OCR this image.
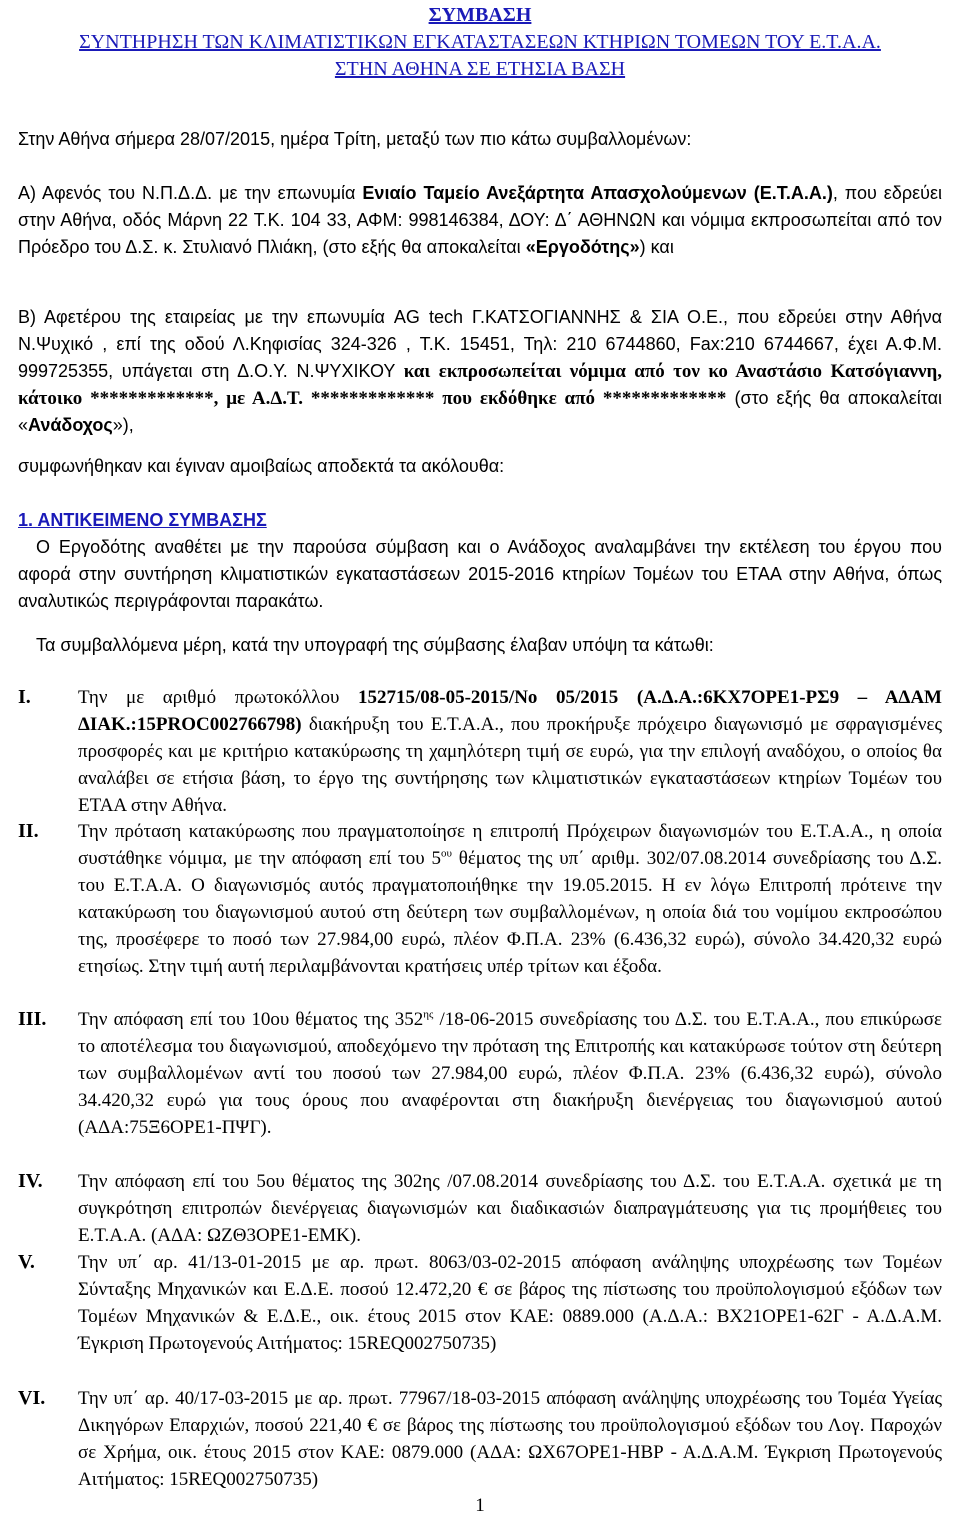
ΣΥΜΒΑΣΗ
ΣΥΝΤΗΡΗΣΗ ΤΩΝ ΚΛΙΜΑΤΙΣΤΙΚΩΝ ΕΓΚΑΤΑΣΤΑΣΕΩΝ ΚΤΗΡΙΩΝ ΤΟΜΕΩΝ ΤΟΥ Ε.Τ.Α.Α.
ΣΤΗΝ ΑΘΗΝΑ ΣΕ ΕΤΗΣΙΑ ΒΑΣΗ
Στην Αθήνα σήμερα 28/07/2015, ημέρα Τρίτη, μεταξύ των πιο κάτω συμβαλλομένων:
Α) Αφενός του Ν.Π.Δ.Δ. με την επωνυμία Ενιαίο Ταμείο Ανεξάρτητα Απασχολούμενων (Ε.Τ.Α.Α.), που εδρεύει στην Αθήνα, οδός Μάρνη 22 Τ.Κ. 104 33, ΑΦΜ: 998146384, ΔΟΥ: Δ΄ ΑΘΗΝΩΝ και νόμιμα εκπροσωπείται από τον Πρόεδρο του Δ.Σ. κ. Στυλιανό Πλιάκη, (στο εξής θα αποκαλείται «Εργοδότης») και
Β) Αφετέρου της εταιρείας με την επωνυμία AG tech Γ.ΚΑΤΣΟΓΙΑΝΝΗΣ & ΣΙΑ Ο.Ε., που εδρεύει στην Αθήνα Ν.Ψυχικό , επί της οδού Λ.Κηφισίας 324-326 , Τ.Κ. 15451, Τηλ: 210 6744860, Fax:210 6744667, έχει Α.Φ.Μ. 999725355, υπάγεται στη Δ.Ο.Υ. Ν.ΨΥΧΙΚΟΥ και εκπροσωπείται νόμιμα από τον κο Αναστάσιο Κατσόγιαννη, κάτοικο *************, με Α.Δ.Τ. ************* που εκδόθηκε από ************* (στο εξής θα αποκαλείται «Ανάδοχος»),
συμφωνήθηκαν και έγιναν αμοιβαίως αποδεκτά τα ακόλουθα:
1. ΑΝΤΙΚΕΙΜΕΝΟ ΣΥΜΒΑΣΗΣ
Ο Εργοδότης αναθέτει με την παρούσα σύμβαση και ο Ανάδοχος αναλαμβάνει την εκτέλεση του έργου που αφορά στην συντήρηση κλιματιστικών εγκαταστάσεων 2015-2016 κτηρίων Τομέων του ΕΤΑΑ στην Αθήνα, όπως αναλυτικώς περιγράφονται παρακάτω.
Τα συμβαλλόμενα μέρη, κατά την υπογραφή της σύμβασης έλαβαν υπόψη τα κάτωθι:
I.	Την με αριθμό πρωτοκόλλου 152715/08-05-2015/Νο 05/2015 (Α.Δ.Α.:6ΚΧ7ΟΡΕ1-ΡΣ9 – ΑΔΑΜ ΔΙΑΚ.:15PROC002766798) διακήρυξη του Ε.Τ.Α.Α., που προκήρυξε πρόχειρο διαγωνισμό με σφραγισμένες προσφορές και με κριτήριο κατακύρωσης τη χαμηλότερη τιμή σε ευρώ, για την επιλογή αναδόχου, ο οποίος θα αναλάβει σε ετήσια βάση, το έργο της συντήρησης των κλιματιστικών εγκαταστάσεων κτηρίων Τομέων του ΕΤΑΑ στην Αθήνα.
II.	Την πρόταση κατακύρωσης που πραγματοποίησε η επιτροπή Πρόχειρων διαγωνισμών του Ε.Τ.Α.Α., η οποία συστάθηκε νόμιμα, με την απόφαση επί του $5^{o\upsilon}$ θέματος της υπ΄ αριθμ. 302/07.08.2014 συνεδρίασης του Δ.Σ. του Ε.Τ.Α.Α. Ο διαγωνισμός αυτός πραγματοποιήθηκε την 19.05.2015. Η εν λόγω Επιτροπή πρότεινε την κατακύρωση του διαγωνισμού αυτού στη δεύτερη των συμβαλλομένων, η οποία διά του νομίμου εκπροσώπου της, προσέφερε το ποσό των 27.984,00 ευρώ, πλέον Φ.Π.Α. 23% (6.436,32 ευρώ), σύνολο 34.420,32 ευρώ ετησίως. Στην τιμή αυτή περιλαμβάνονται κρατήσεις υπέρ τρίτων και έξοδα.
III.	Την απόφαση επί του 10ου θέματος της $352^{\eta\varsigma}$ /18-06-2015 συνεδρίασης του Δ.Σ. του Ε.Τ.Α.Α., που επικύρωσε το αποτέλεσμα του διαγωνισμού, αποδεχόμενο την πρόταση της Επιτροπής και κατακύρωσε τούτον στη δεύτερη των συμβαλλομένων αντί του ποσού των 27.984,00 ευρώ, πλέον Φ.Π.Α. 23% (6.436,32 ευρώ), σύνολο 34.420,32 ευρώ για τους όρους που αναφέρονται στη διακήρυξη διενέργειας του διαγωνισμού αυτού (ΑΔΑ:75Ξ6ΟΡΕ1-ΠΨΓ).
IV.	Την απόφαση επί του 5ου θέματος της 302ης /07.08.2014 συνεδρίασης του Δ.Σ. του Ε.Τ.Α.Α. σχετικά με τη συγκρότηση επιτροπών διενέργειας διαγωνισμών και διαδικασιών διαπραγμάτευσης για τις προμήθειες του Ε.Τ.Α.Α. (ΑΔΑ: ΩΖΘ3ΟΡΕ1-ΕΜΚ).
V.	Την υπ΄ αρ. 41/13-01-2015 με αρ. πρωτ. 8063/03-02-2015 απόφαση ανάληψης υποχρέωσης των Τομέων Σύνταξης Μηχανικών και Ε.Δ.Ε. ποσού 12.472,20 € σε βάρος της πίστωσης του προϋπολογισμού εξόδων των Τομέων Μηχανικών & Ε.Δ.Ε., οικ. έτους 2015 στον ΚΑΕ: 0889.000 (Α.Δ.Α.: ΒΧ21ΟΡΕ1-62Γ - Α.Δ.Α.Μ. Έγκριση Πρωτογενούς Αιτήματος: 15REQ002750735)
VI.	Την υπ΄ αρ. 40/17-03-2015 με αρ. πρωτ. 77967/18-03-2015 απόφαση ανάληψης υποχρέωσης του Τομέα Υγείας Δικηγόρων Επαρχιών, ποσού 221,40 € σε βάρος της πίστωσης του προϋπολογισμού εξόδων του Λογ. Παροχών σε Χρήμα, οικ. έτους 2015 στον ΚΑΕ: 0879.000 (ΑΔΑ: ΩΧ67ΟΡΕ1-ΗΒΡ - Α.Δ.Α.Μ. Έγκριση Πρωτογενούς Αιτήματος: 15REQ002750735)
1
